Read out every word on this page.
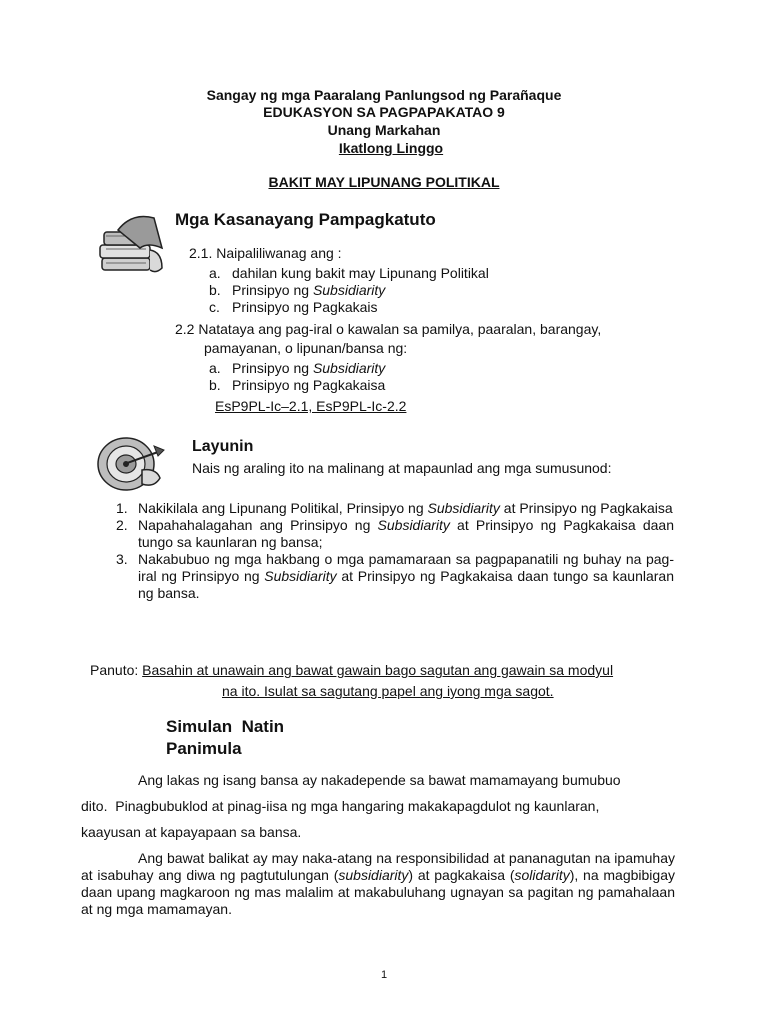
Sangay ng mga Paaralang Panlungsod ng Parañaque
EDUKASYON SA PAGPAPAKATAO 9
Unang Markahan
Ikatlong Linggo
BAKIT MAY LIPUNANG POLITIKAL
Mga Kasanayang Pampagkatuto
2.1. Naipaliliwanag ang :
a. dahilan kung bakit may Lipunang Politikal
b. Prinsipyo ng Subsidiarity
c. Prinsipyo ng Pagkakais
2.2 Natataya ang pag-iral o kawalan sa pamilya, paaralan, barangay,
pamayanan, o lipunan/bansa ng:
a. Prinsipyo ng Subsidiarity
b. Prinsipyo ng Pagkakaisa
EsP9PL-Ic–2.1, EsP9PL-Ic-2.2
Layunin
Nais ng araling ito na malinang at mapaunlad ang mga sumusunod:
1. Nakikilala ang Lipunang Politikal, Prinsipyo ng Subsidiarity at Prinsipyo ng Pagkakaisa
2. Napahahalagahan ang Prinsipyo ng Subsidiarity at Prinsipyo ng Pagkakaisa daan tungo sa kaunlaran ng bansa;
3. Nakabubuo ng mga hakbang o mga pamamaraan sa pagpapanatili ng buhay na pag-iral ng Prinsipyo ng Subsidiarity at Prinsipyo ng Pagkakaisa daan tungo sa kaunlaran ng bansa.
Panuto: Basahin at unawain ang bawat gawain bago sagutan ang gawain sa modyul
na ito. Isulat sa sagutang papel ang iyong mga sagot.
Simulan  Natin
Panimula
Ang lakas ng isang bansa ay nakadepende sa bawat mamamayang bumubuo
dito.  Pinagbubuklod at pinag-iisa ng mga hangaring makakapagdulot ng kaunlaran,
kaayusan at kapayapaan sa bansa.
Ang bawat balikat ay may naka-atang na responsibilidad at pananagutan na ipamuhay at isabuhay ang diwa ng pagtutulungan (subsidiarity) at pagkakaisa (solidarity), na magbibigay daan upang magkaroon ng mas malalim at makabuluhang ugnayan sa pagitan ng pamahalaan at ng mga mamamayan.
1
